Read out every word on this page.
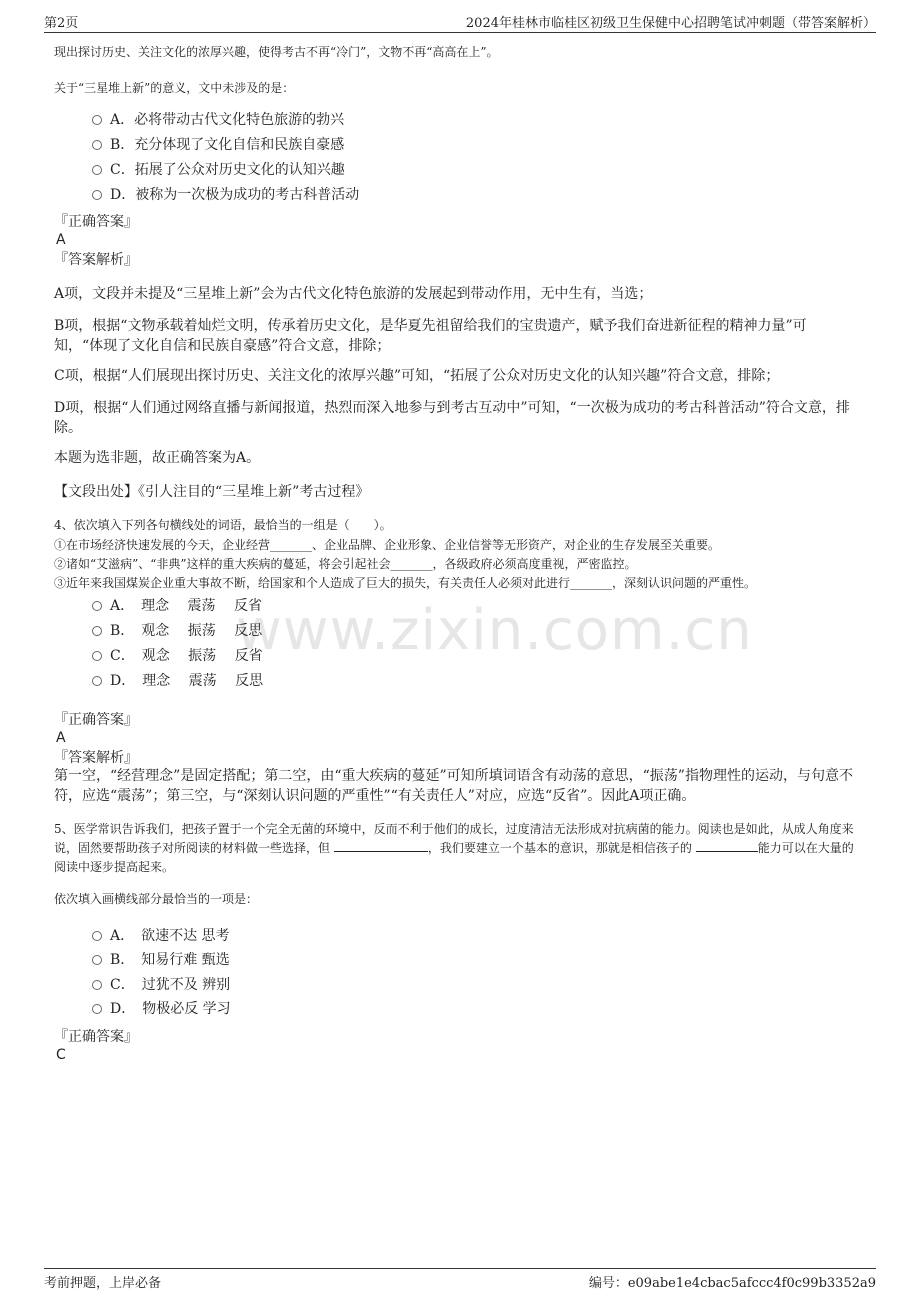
第2页	2024年桂林市临桂区初级卫生保健中心招聘笔试冲刺题（带答案解析）
www.zixin.com.cn
现出探讨历史、关注文化的浓厚兴趣，使得考古不再“冷门”，文物不再“高高在上”。
关于“三星堆上新”的意义，文中未涉及的是：
A．必将带动古代文化特色旅游的勃兴
B．充分体现了文化自信和民族自豪感
C．拓展了公众对历史文化的认知兴趣
D．被称为一次极为成功的考古科普活动
『正确答案』
A
『答案解析』
A项，文段并未提及“三星堆上新”会为古代文化特色旅游的发展起到带动作用，无中生有，当选；
B项，根据“文物承载着灿烂文明，传承着历史文化，是华夏先祖留给我们的宝贵遗产，赋予我们奋进新征程的精神力量”可知，“体现了文化自信和民族自豪感”符合文意，排除；
C项，根据“人们展现出探讨历史、关注文化的浓厚兴趣”可知，“拓展了公众对历史文化的认知兴趣”符合文意，排除；
D项，根据“人们通过网络直播与新闻报道，热烈而深入地参与到考古互动中”可知，“一次极为成功的考古科普活动”符合文意，排除。
本题为选非题，故正确答案为A。
【文段出处】《引人注目的“三星堆上新”考古过程》
4、依次填入下列各句横线处的词语，最恰当的一组是（　　）。
①在市场经济快速发展的今天，企业经营_______、企业品牌、企业形象、企业信誉等无形资产，对企业的生存发展至关重要。
②诸如“艾滋病”、“非典”这样的重大疾病的蔓延，将会引起社会_______，各级政府必须高度重视，严密监控。
③近年来我国煤炭企业重大事故不断，给国家和个人造成了巨大的损失，有关责任人必须对此进行_______，深刻认识问题的严重性。
A．　理念　 震荡　 反省
B．　观念　 振荡　 反思
C．　观念　 振荡　 反省
D．　理念　 震荡　 反思
『正确答案』
A
『答案解析』
第一空，“经营理念”是固定搭配；第二空，由“重大疾病的蔓延”可知所填词语含有动荡的意思，“振荡”指物理性的运动，与句意不符，应选“震荡”；第三空，与“深刻认识问题的严重性”“有关责任人”对应，应选“反省”。因此A项正确。
5、医学常识告诉我们，把孩子置于一个完全无菌的环境中，反而不利于他们的成长，过度清洁无法形成对抗病菌的能力。阅读也是如此，从成人角度来说，固然要帮助孩子对所阅读的材料做一些选择，但	，我们要建立一个基本的意识，那就是相信孩子的	能力可以在大量的阅读中逐步提高起来。
依次填入画横线部分最恰当的一项是：
A．　欲速不达 思考
B．　知易行难 甄选
C．　过犹不及 辨别
D．　物极必反 学习
『正确答案』
C
考前押题，上岸必备	编号：e09abe1e4cbac5afccc4f0c99b3352a9
